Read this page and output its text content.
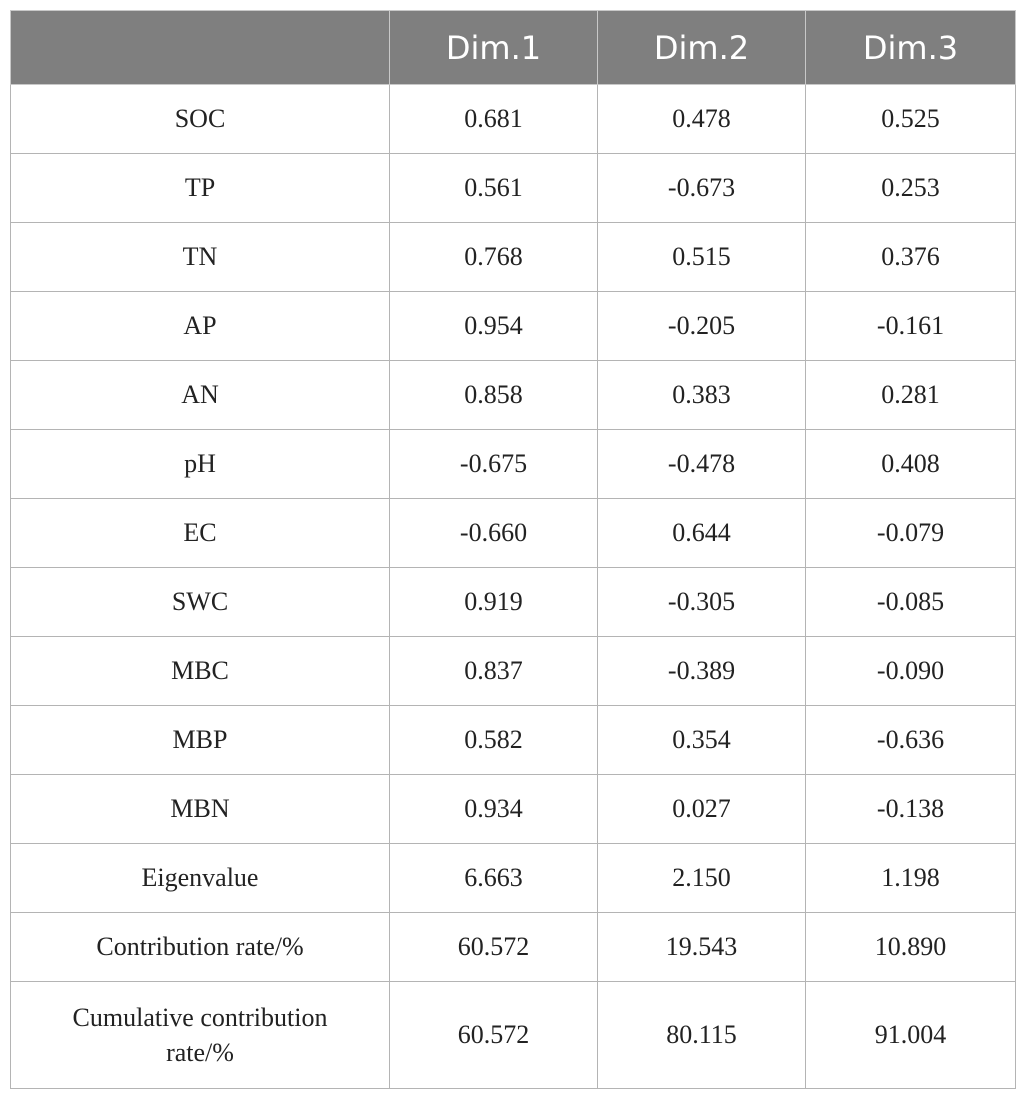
	Dim.1	Dim.2	Dim.3
SOC	0.681	0.478	0.525
TP	0.561	-0.673	0.253
TN	0.768	0.515	0.376
AP	0.954	-0.205	-0.161
AN	0.858	0.383	0.281
pH	-0.675	-0.478	0.408
EC	-0.660	0.644	-0.079
SWC	0.919	-0.305	-0.085
MBC	0.837	-0.389	-0.090
MBP	0.582	0.354	-0.636
MBN	0.934	0.027	-0.138
Eigenvalue	6.663	2.150	1.198
Contribution rate/%	60.572	19.543	10.890
Cumulative contribution
rate/%	60.572	80.115	91.004
